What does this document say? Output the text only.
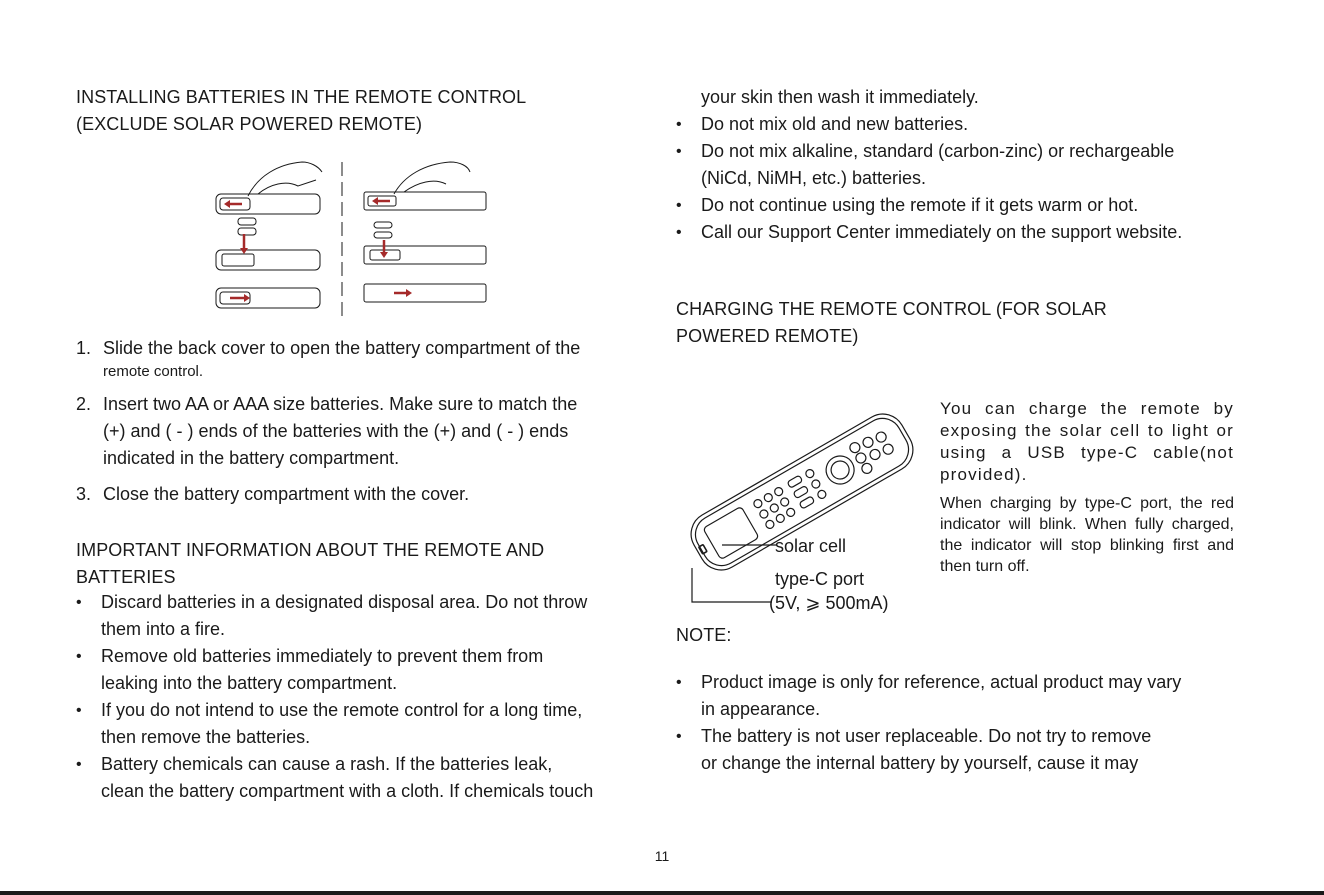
INSTALLING BATTERIES IN THE REMOTE CONTROL
(EXCLUDE SOLAR POWERED REMOTE)
1. Slide the back cover to open the battery compartment of the
remote control.
2. Insert two AA or AAA size batteries. Make sure to match the
(+) and ( - ) ends of the batteries with the (+) and ( - ) ends
indicated in the battery compartment.
3. Close the battery compartment with the cover.
IMPORTANT INFORMATION ABOUT THE REMOTE AND
BATTERIES
• Discard batteries in a designated disposal area. Do not throw
them into a fire.
• Remove old batteries immediately to prevent them from
leaking into the battery compartment.
• If you do not intend to use the remote control for a long time,
then remove the batteries.
• Battery chemicals can cause a rash. If the batteries leak,
clean the battery compartment with a cloth. If chemicals touch
your skin then wash it immediately.
• Do not mix old and new batteries.
• Do not mix alkaline, standard (carbon-zinc) or rechargeable
(NiCd, NiMH, etc.) batteries.
• Do not continue using the remote if it gets warm or hot.
• Call our Support Center immediately on the support website.
CHARGING THE REMOTE CONTROL (FOR SOLAR
POWERED REMOTE)
solar cell
type-C port
(5V, ⩾ 500mA)

You can charge the remote by exposing the solar cell to light or using a USB type-C cable(not provided).

When charging by type-C port, the red indicator will blink. When fully charged, the indicator will stop blinking first and then turn off.

NOTE:
• Product image is only for reference, actual product may vary
in appearance.
• The battery is not user replaceable. Do not try to remove
or change the internal battery by yourself, cause it may
11
